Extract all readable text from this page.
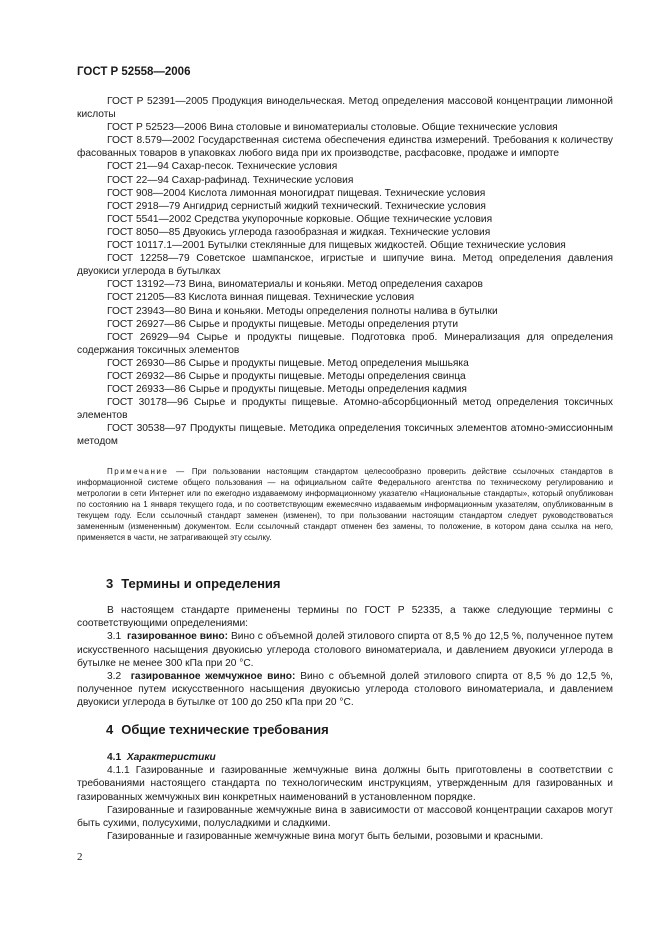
ГОСТ Р 52558—2006

ГОСТ Р 52391—2005 Продукция винодельческая. Метод определения массовой концентрации лимонной кислоты

ГОСТ Р 52523—2006 Вина столовые и виноматериалы столовые. Общие технические условия

ГОСТ 8.579—2002 Государственная система обеспечения единства измерений. Требования к количеству фасованных товаров в упаковках любого вида при их производстве, расфасовке, продаже и импорте

ГОСТ 21—94 Сахар-песок. Технические условия

ГОСТ 22—94 Сахар-рафинад. Технические условия

ГОСТ 908—2004 Кислота лимонная моногидрат пищевая. Технические условия

ГОСТ 2918—79 Ангидрид сернистый жидкий технический. Технические условия

ГОСТ 5541—2002 Средства укупорочные корковые. Общие технические условия

ГОСТ 8050—85 Двуокись углерода газообразная и жидкая. Технические условия

ГОСТ 10117.1—2001 Бутылки стеклянные для пищевых жидкостей. Общие технические условия

ГОСТ 12258—79 Советское шампанское, игристые и шипучие вина. Метод определения давления двуокиси углерода в бутылках

ГОСТ 13192—73 Вина, виноматериалы и коньяки. Метод определения сахаров

ГОСТ 21205—83 Кислота винная пищевая. Технические условия

ГОСТ 23943—80 Вина и коньяки. Методы определения полноты налива в бутылки

ГОСТ 26927—86 Сырье и продукты пищевые. Методы определения ртути

ГОСТ 26929—94 Сырье и продукты пищевые. Подготовка проб. Минерализация для определения содержания токсичных элементов

ГОСТ 26930—86 Сырье и продукты пищевые. Метод определения мышьяка

ГОСТ 26932—86 Сырье и продукты пищевые. Методы определения свинца

ГОСТ 26933—86 Сырье и продукты пищевые. Методы определения кадмия

ГОСТ 30178—96 Сырье и продукты пищевые. Атомно-абсорбционный метод определения токсичных элементов

ГОСТ 30538—97 Продукты пищевые. Методика определения токсичных элементов атомно-эмиссионным методом

Примечание — При пользовании настоящим стандартом целесообразно проверить действие ссылочных стандартов в информационной системе общего пользования — на официальном сайте Федерального агентства по техническому регулированию и метрологии в сети Интернет или по ежегодно издаваемому информационному указателю «Национальные стандарты», который опубликован по состоянию на 1 января текущего года, и по соответствующим ежемесячно издаваемым информационным указателям, опубликованным в текущем году. Если ссылочный стандарт заменен (изменен), то при пользовании настоящим стандартом следует руководствоваться замененным (измененным) документом. Если ссылочный стандарт отменен без замены, то положение, в котором дана ссылка на него, применяется в части, не затрагивающей эту ссылку.

3 Термины и определения

В настоящем стандарте применены термины по ГОСТ Р 52335, а также следующие термины с соответствующими определениями:

3.1 газированное вино: Вино с объемной долей этилового спирта от 8,5 % до 12,5 %, полученное путем искусственного насыщения двуокисью углерода столового виноматериала, и давлением двуокиси углерода в бутылке не менее 300 кПа при 20 °С.

3.2 газированное жемчужное вино: Вино с объемной долей этилового спирта от 8,5 % до 12,5 %, полученное путем искусственного насыщения двуокисью углерода столового виноматериала, и давлением двуокиси углерода в бутылке от 100 до 250 кПа при 20 °С.

4 Общие технические требования

4.1 Характеристики

4.1.1 Газированные и газированные жемчужные вина должны быть приготовлены в соответствии с требованиями настоящего стандарта по технологическим инструкциям, утвержденным для газированных и газированных жемчужных вин конкретных наименований в установленном порядке.

Газированные и газированные жемчужные вина в зависимости от массовой концентрации сахаров могут быть сухими, полусухими, полусладкими и сладкими.

Газированные и газированные жемчужные вина могут быть белыми, розовыми и красными.

2
